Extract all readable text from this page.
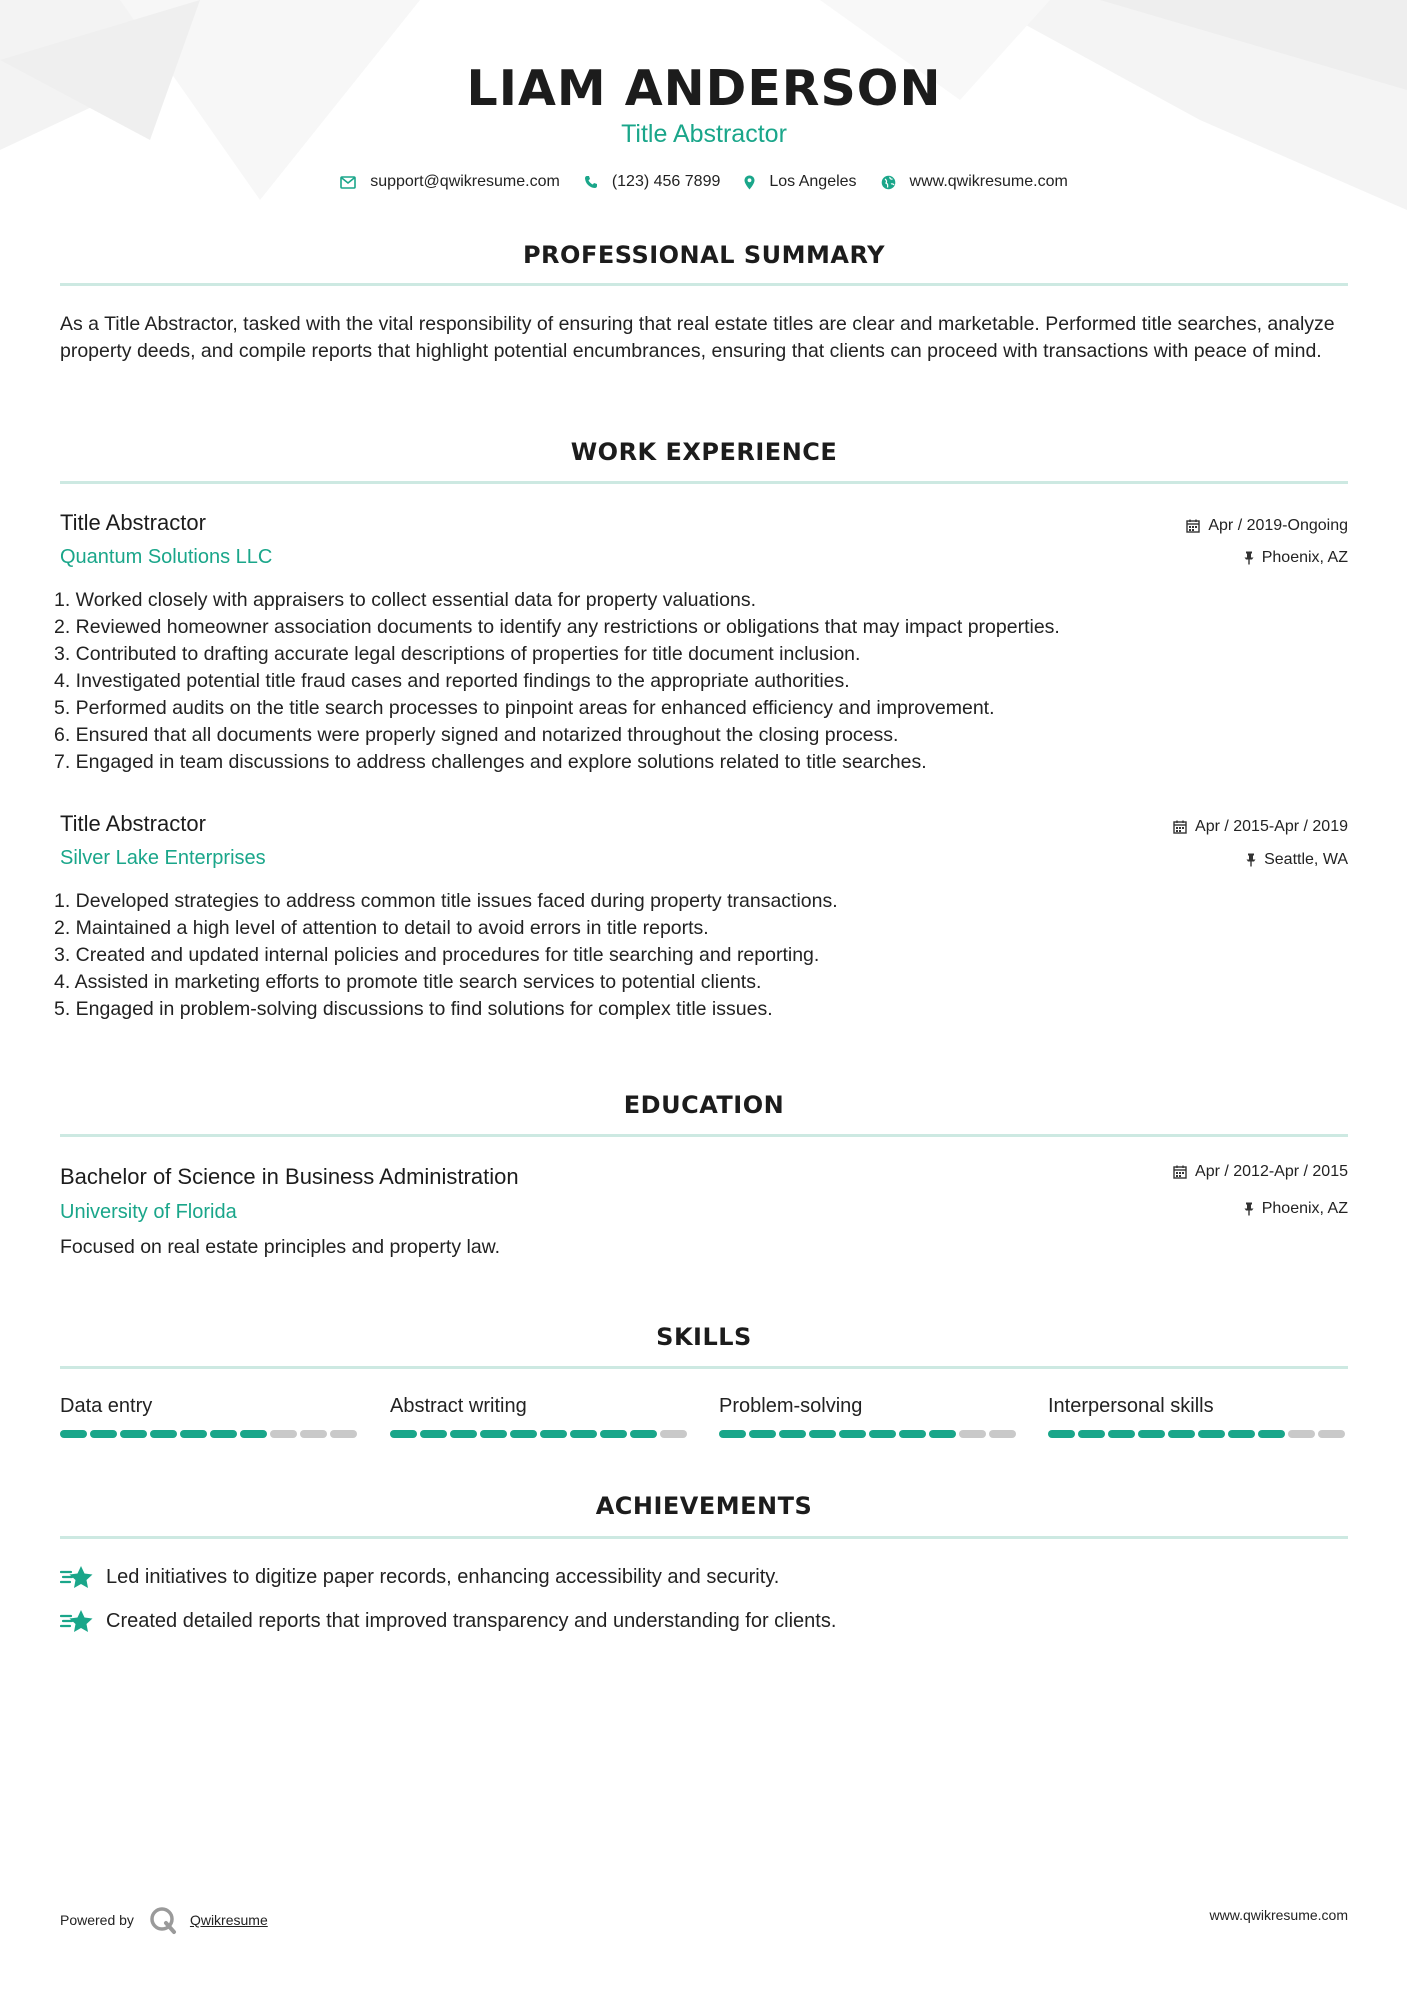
LIAM ANDERSON
Title Abstractor
support@qwikresume.com	(123) 456 7899	Los Angeles	www.qwikresume.com
PROFESSIONAL SUMMARY
As a Title Abstractor, tasked with the vital responsibility of ensuring that real estate titles are clear and marketable. Performed title searches, analyze property deeds, and compile reports that highlight potential encumbrances, ensuring that clients can proceed with transactions with peace of mind.
WORK EXPERIENCE
Title Abstractor
Quantum Solutions LLC
Apr / 2019-Ongoing
Phoenix, AZ
1. Worked closely with appraisers to collect essential data for property valuations.
2. Reviewed homeowner association documents to identify any restrictions or obligations that may impact properties.
3. Contributed to drafting accurate legal descriptions of properties for title document inclusion.
4. Investigated potential title fraud cases and reported findings to the appropriate authorities.
5. Performed audits on the title search processes to pinpoint areas for enhanced efficiency and improvement.
6. Ensured that all documents were properly signed and notarized throughout the closing process.
7. Engaged in team discussions to address challenges and explore solutions related to title searches.
Title Abstractor
Silver Lake Enterprises
Apr / 2015-Apr / 2019
Seattle, WA
1. Developed strategies to address common title issues faced during property transactions.
2. Maintained a high level of attention to detail to avoid errors in title reports.
3. Created and updated internal policies and procedures for title searching and reporting.
4. Assisted in marketing efforts to promote title search services to potential clients.
5. Engaged in problem-solving discussions to find solutions for complex title issues.
EDUCATION
Bachelor of Science in Business Administration
University of Florida
Apr / 2012-Apr / 2015
Phoenix, AZ
Focused on real estate principles and property law.
SKILLS
Data entry	Abstract writing	Problem-solving	Interpersonal skills
ACHIEVEMENTS
Led initiatives to digitize paper records, enhancing accessibility and security.
Created detailed reports that improved transparency and understanding for clients.
Powered by	Qwikresume	www.qwikresume.com
